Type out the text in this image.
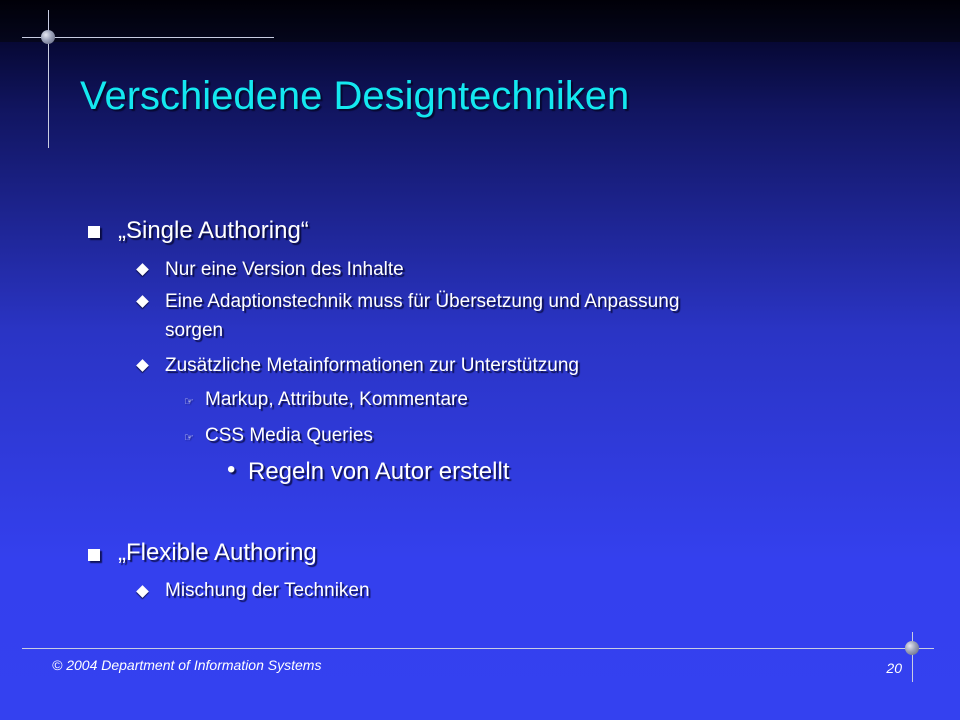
Verschiedene Designtechniken
„Single Authoring“
Nur eine Version des Inhalte
Eine Adaptionstechnik muss für Übersetzung und Anpassung
sorgen
Zusätzliche Metainformationen zur Unterstützung
☞ Markup, Attribute, Kommentare
☞ CSS Media Queries
• Regeln von Autor erstellt
„Flexible Authoring
Mischung der Techniken
© 2004 Department of Information Systems	20
